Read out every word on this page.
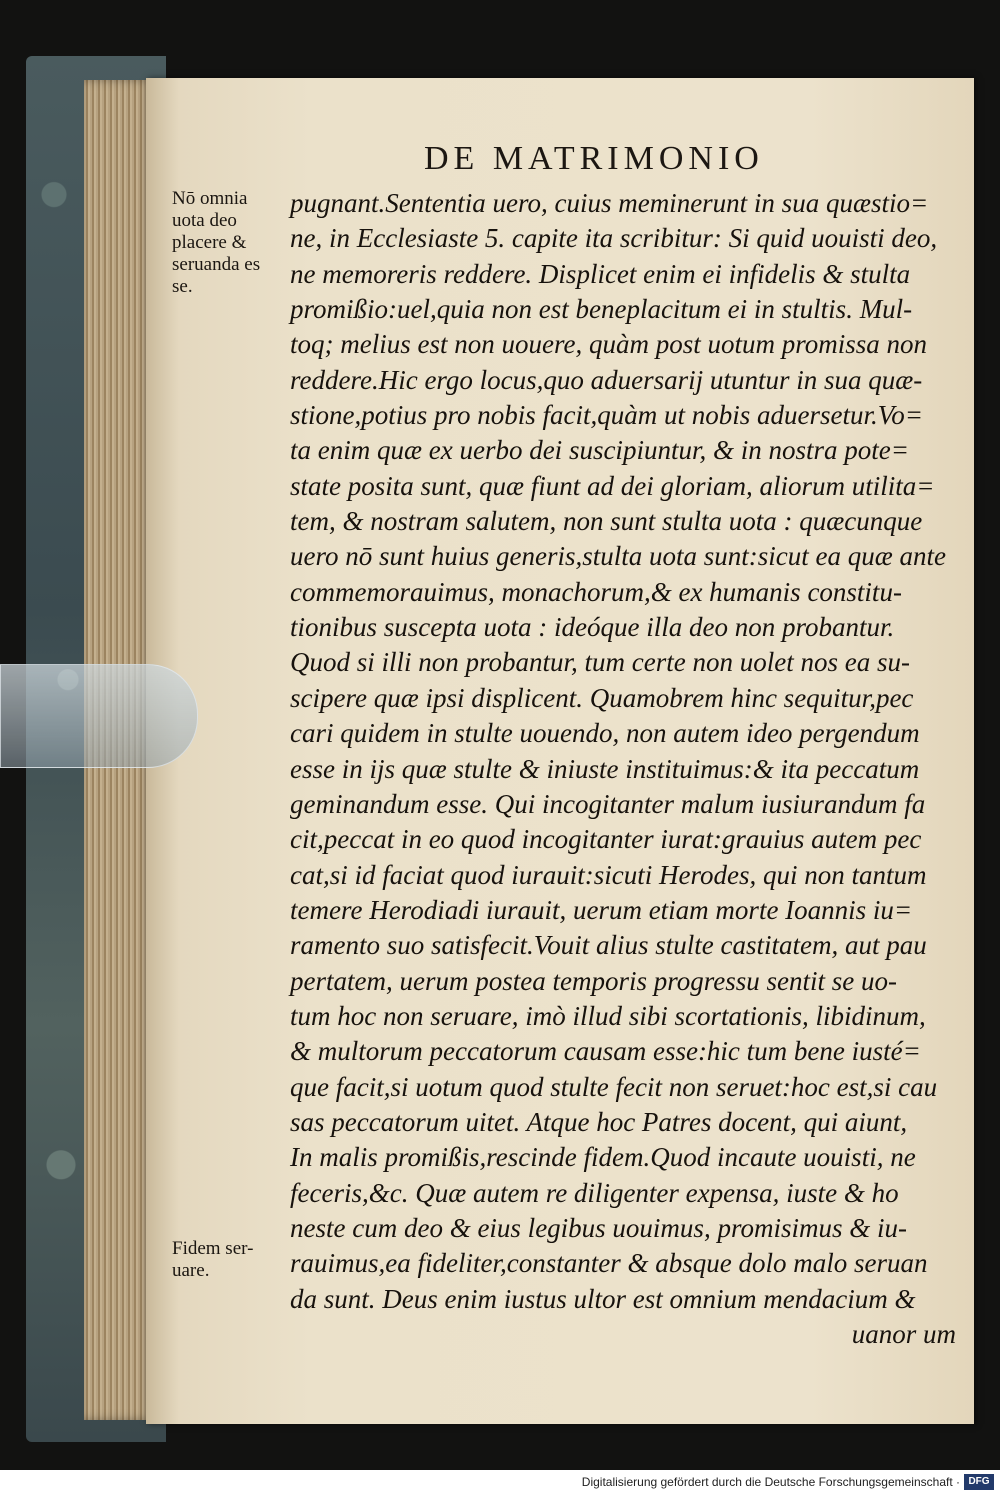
DE MATRIMONIO
Nō omnia
uota deo
placere &
seruanda es
se.
Fidem ser-
uare.
pugnant.Sententia uero, cuius meminerunt in sua quæstio=
ne, in Ecclesiaste 5. capite ita scribitur: Si quid uouisti deo,
ne memoreris reddere. Displicet enim ei infidelis & stulta
promißio:uel,quia non est beneplacitum ei in stultis. Mul-
toq; melius est non uouere, quàm post uotum promissa non
reddere.Hic ergo locus,quo aduersarij utuntur in sua quæ-
stione,potius pro nobis facit,quàm ut nobis aduersetur.Vo=
ta enim quæ ex uerbo dei suscipiuntur, & in nostra pote=
state posita sunt, quæ fiunt ad dei gloriam, aliorum utilita=
tem, & nostram salutem, non sunt stulta uota : quæcunque
uero nō sunt huius generis,stulta uota sunt:sicut ea quæ ante
commemorauimus, monachorum,& ex humanis constitu-
tionibus suscepta uota : ideóque illa deo non probantur.
Quod si illi non probantur, tum certe non uolet nos ea su-
scipere quæ ipsi displicent. Quamobrem hinc sequitur,pec
cari quidem in stulte uouendo, non autem ideo pergendum
esse in ijs quæ stulte & iniuste instituimus:& ita peccatum
geminandum esse. Qui incogitanter malum iusiurandum fa
cit,peccat in eo quod incogitanter iurat:grauius autem pec
cat,si id faciat quod iurauit:sicuti Herodes, qui non tantum
temere Herodiadi iurauit, uerum etiam morte Ioannis iu=
ramento suo satisfecit.Vouit alius stulte castitatem, aut pau
pertatem, uerum postea temporis progressu sentit se uo-
tum hoc non seruare, imò illud sibi scortationis, libidinum,
& multorum peccatorum causam esse:hic tum bene iusté=
que facit,si uotum quod stulte fecit non seruet:hoc est,si cau
sas peccatorum uitet. Atque hoc Patres docent, qui aiunt,
In malis promißis,rescinde fidem.Quod incaute uouisti, ne
feceris,&c. Quæ autem re diligenter expensa, iuste & ho
neste cum deo & eius legibus uouimus, promisimus & iu-
rauimus,ea fideliter,constanter & absque dolo malo seruan
da sunt. Deus enim iustus ultor est omnium mendacium &
uanor um
Digitalisierung gefördert durch die Deutsche Forschungsgemeinschaft · DFG
